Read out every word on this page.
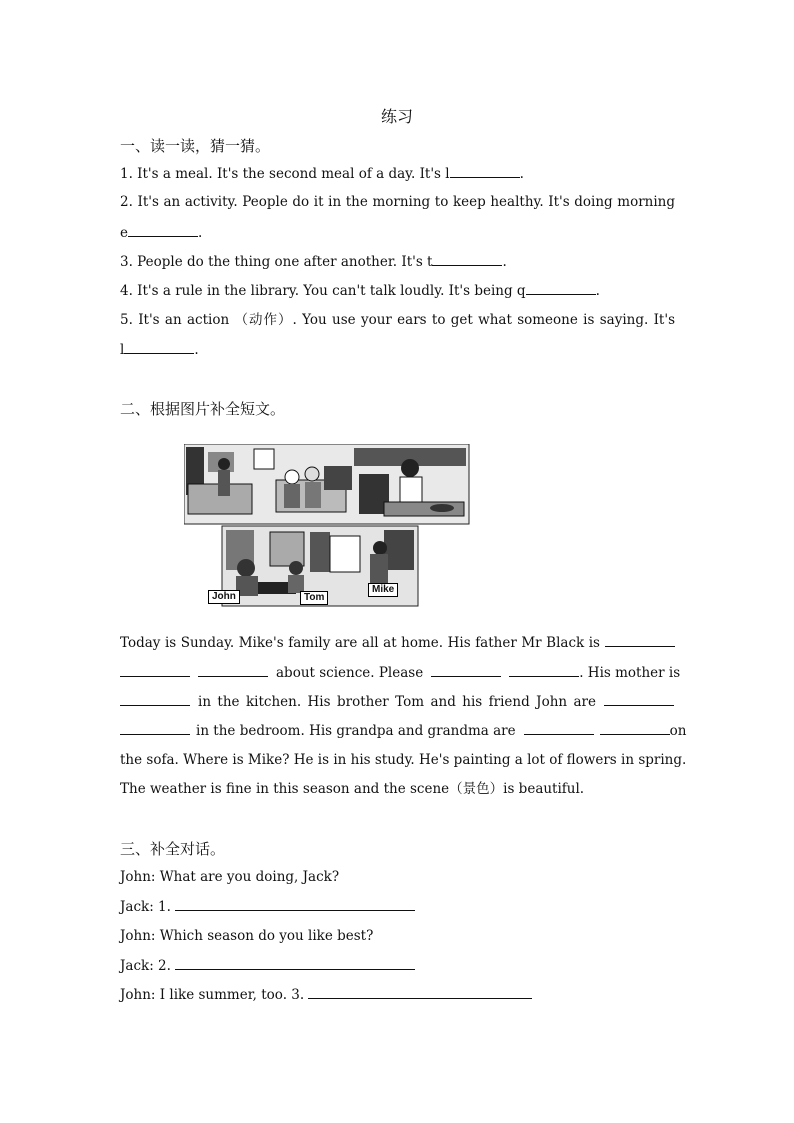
练习
一、读一读，猜一猜。
1. It's a meal. It's the second meal of a day. It's l	.
2. It's an activity. People do it in the morning to keep healthy. It's doing morning
e	.
3. People do the thing one after another. It's t	.
4. It's a rule in the library. You can't talk loudly. It's being q	.
5. It's an action （动作）. You use your ears to get what someone is saying. It's
l	.
二、根据图片补全短文。
John	Tom
Mike
Today is Sunday. Mike's family are all at home. His father Mr Black is
about science. Please	. His mother is
in the kitchen. His brother Tom and his friend John are
in the bedroom. His grandpa and grandma are	on
the sofa. Where is Mike? He is in his study. He's painting a lot of flowers in spring.
The weather is fine in this season and the scene（景色）is beautiful.
三、补全对话。
John: What are you doing, Jack?
Jack: 1.
John: Which season do you like best?
Jack: 2.
John: I like summer, too. 3.
